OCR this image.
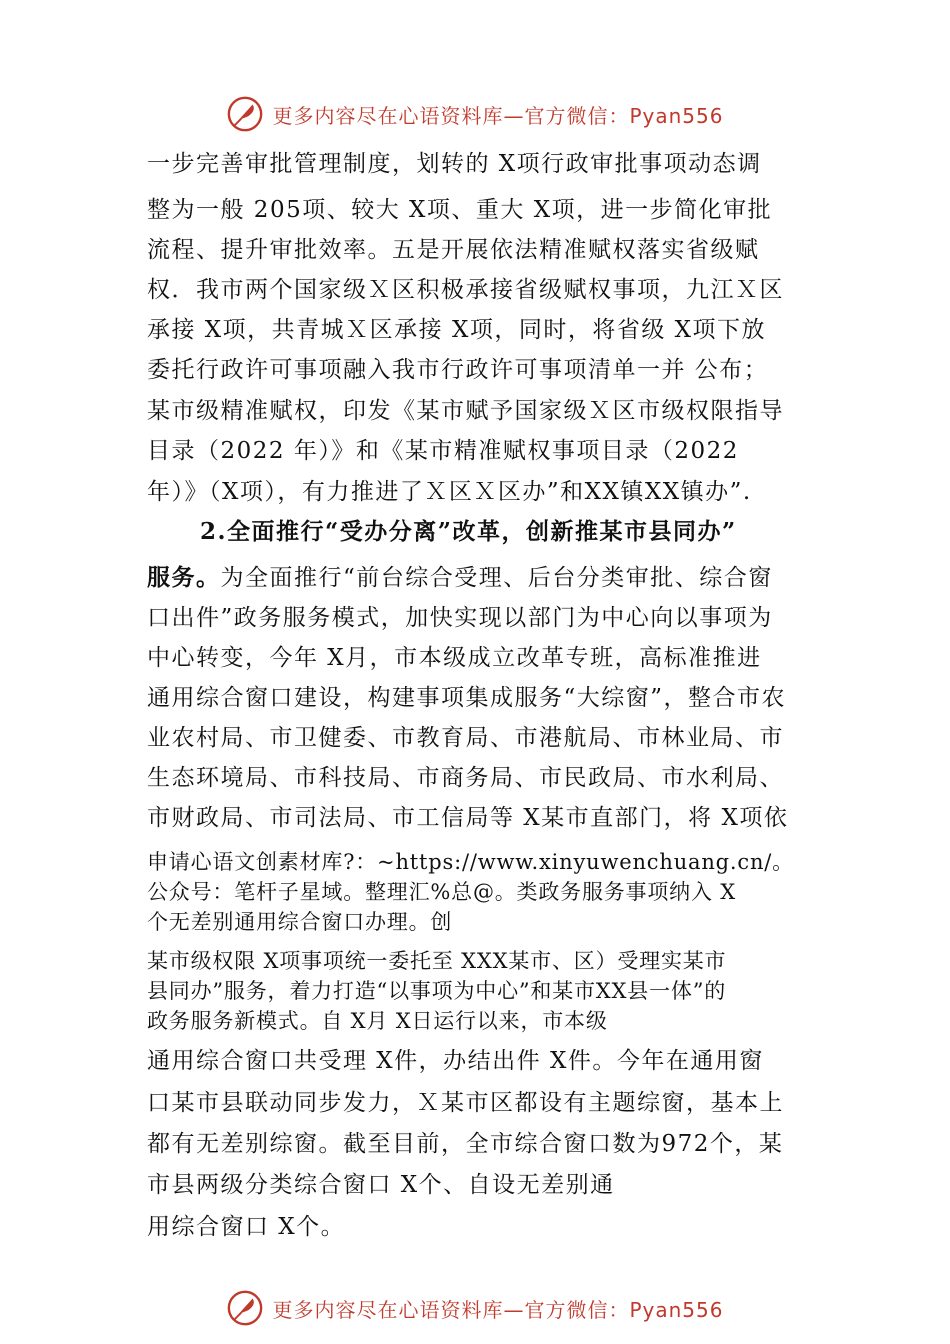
更多内容尽在心语资料库—官方微信：Pyan556
一步完善审批管理制度，划转的 X项行政审批事项动态调
整为一般 205项、较大 X项、重大 X项，进一步简化审批
流程、提升审批效率。五是开展依法精准赋权落实省级赋
权．我市两个国家级Ｘ区积极承接省级赋权事项，九江Ｘ区
承接 X项，共青城Ｘ区承接 X项，同时，将省级 X项下放
委托行政许可事项融入我市行政许可事项清单一并 公布；
某市级精准赋权，印发《某市赋予国家级Ｘ区市级权限指导
目录（2022 年）》和《某市精准赋权事项目录（2022
年）》（X项），有力推进了Ｘ区Ｘ区办”和XX镇XX镇办”.
2.全面推行“受办分离”改革，创新推某市县同办”
服务。为全面推行“前台综合受理、后台分类审批、综合窗
口出件”政务服务模式，加快实现以部门为中心向以事项为
中心转变，今年 X月，市本级成立改革专班，高标准推进
通用综合窗口建设，构建事项集成服务“大综窗”，整合市农
业农村局、市卫健委、市教育局、市港航局、市林业局、市
生态环境局、市科技局、市商务局、市民政局、市水利局、
市财政局、市司法局、市工信局等 X某市直部门，将 X项依
申请心语文创素材库?：~https://www.xinyuwenchuang.cn/。
公众号：笔杆子星域。整理汇%总@。类政务服务事项纳入 X
个无差别通用综合窗口办理。创
某市级权限 X项事项统一委托至 XXX某市、区）受理实某市
县同办”服务，着力打造“以事项为中心”和某市XX县一体”的
政务服务新模式。自 X月 X日运行以来，市本级
通用综合窗口共受理 X件，办结出件 X件。今年在通用窗
口某市县联动同步发力，Ｘ某市区都设有主题综窗，基本上
都有无差别综窗。截至目前，全市综合窗口数为972个，某
市县两级分类综合窗口 X个、自设无差别通
用综合窗口 X个。
更多内容尽在心语资料库—官方微信：Pyan556
